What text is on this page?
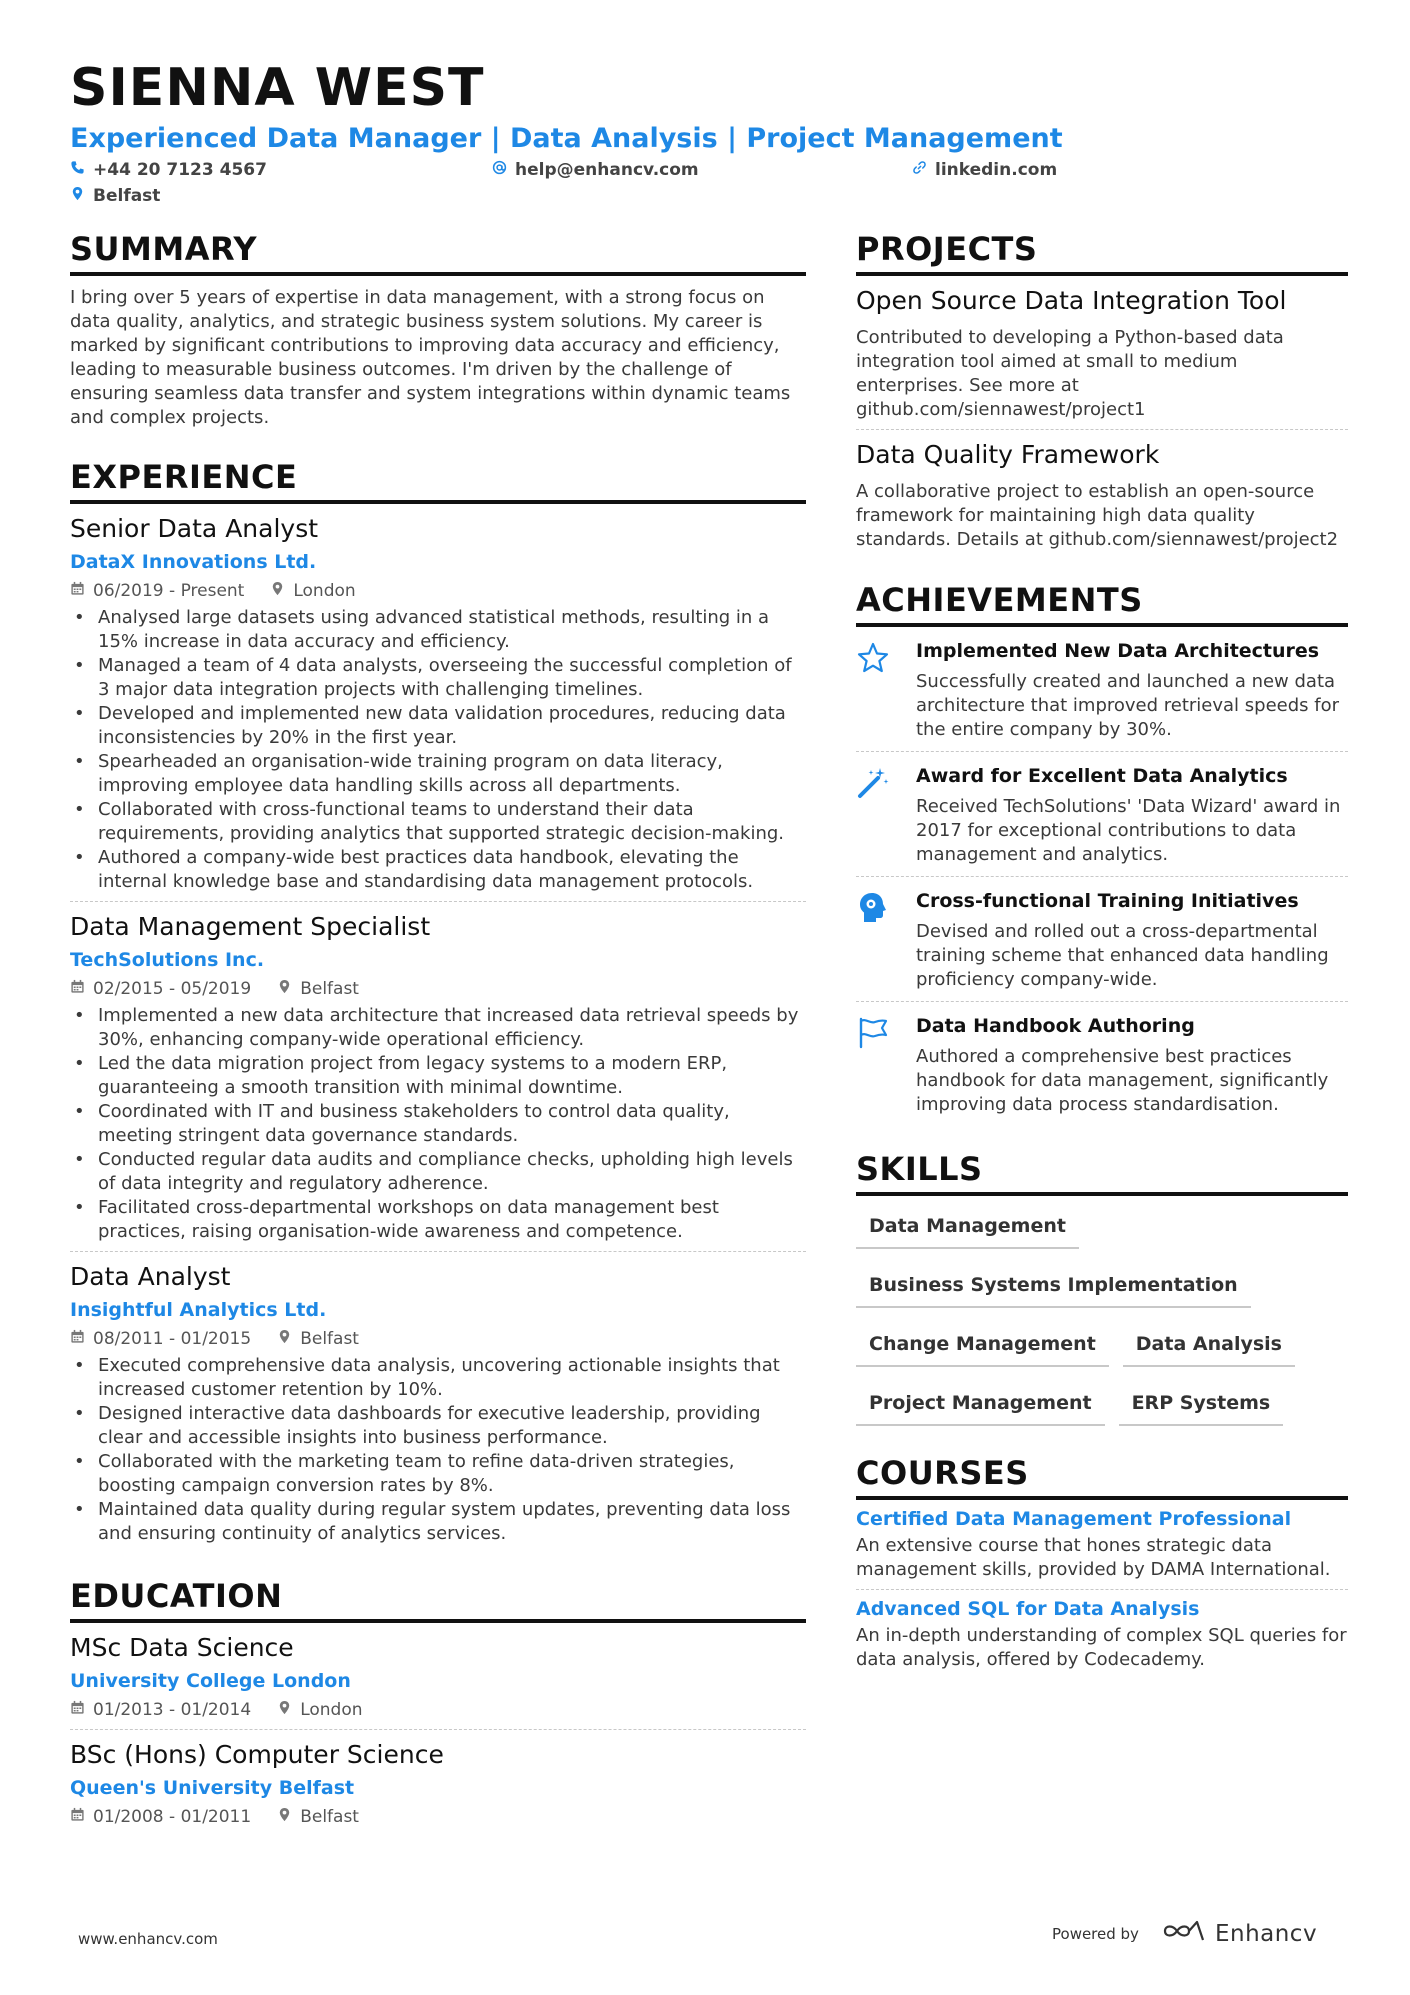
SIENNA WEST
Experienced Data Manager | Data Analysis | Project Management
+44 20 7123 4567	help@enhancv.com	linkedin.com
Belfast
SUMMARY
I bring over 5 years of expertise in data management, with a strong focus on data quality, analytics, and strategic business system solutions. My career is marked by significant contributions to improving data accuracy and efficiency, leading to measurable business outcomes. I'm driven by the challenge of ensuring seamless data transfer and system integrations within dynamic teams and complex projects.
EXPERIENCE
Senior Data Analyst
DataX Innovations Ltd.
06/2019 - Present	London
• Analysed large datasets using advanced statistical methods, resulting in a 15% increase in data accuracy and efficiency.
• Managed a team of 4 data analysts, overseeing the successful completion of 3 major data integration projects with challenging timelines.
• Developed and implemented new data validation procedures, reducing data inconsistencies by 20% in the first year.
• Spearheaded an organisation-wide training program on data literacy, improving employee data handling skills across all departments.
• Collaborated with cross-functional teams to understand their data requirements, providing analytics that supported strategic decision-making.
• Authored a company-wide best practices data handbook, elevating the internal knowledge base and standardising data management protocols.
Data Management Specialist
TechSolutions Inc.
02/2015 - 05/2019	Belfast
• Implemented a new data architecture that increased data retrieval speeds by 30%, enhancing company-wide operational efficiency.
• Led the data migration project from legacy systems to a modern ERP, guaranteeing a smooth transition with minimal downtime.
• Coordinated with IT and business stakeholders to control data quality, meeting stringent data governance standards.
• Conducted regular data audits and compliance checks, upholding high levels of data integrity and regulatory adherence.
• Facilitated cross-departmental workshops on data management best practices, raising organisation-wide awareness and competence.
Data Analyst
Insightful Analytics Ltd.
08/2011 - 01/2015	Belfast
• Executed comprehensive data analysis, uncovering actionable insights that increased customer retention by 10%.
• Designed interactive data dashboards for executive leadership, providing clear and accessible insights into business performance.
• Collaborated with the marketing team to refine data-driven strategies, boosting campaign conversion rates by 8%.
• Maintained data quality during regular system updates, preventing data loss and ensuring continuity of analytics services.
EDUCATION
MSc Data Science
University College London
01/2013 - 01/2014	London
BSc (Hons) Computer Science
Queen's University Belfast
01/2008 - 01/2011	Belfast
PROJECTS
Open Source Data Integration Tool
Contributed to developing a Python-based data integration tool aimed at small to medium enterprises. See more at github.com/siennawest/project1
Data Quality Framework
A collaborative project to establish an open-source framework for maintaining high data quality standards. Details at github.com/siennawest/project2
ACHIEVEMENTS
Implemented New Data Architectures
Successfully created and launched a new data architecture that improved retrieval speeds for the entire company by 30%.
Award for Excellent Data Analytics
Received TechSolutions' 'Data Wizard' award in 2017 for exceptional contributions to data management and analytics.
Cross-functional Training Initiatives
Devised and rolled out a cross-departmental training scheme that enhanced data handling proficiency company-wide.
Data Handbook Authoring
Authored a comprehensive best practices handbook for data management, significantly improving data process standardisation.
SKILLS
Data Management
Business Systems Implementation
Change Management	Data Analysis
Project Management	ERP Systems
COURSES
Certified Data Management Professional
An extensive course that hones strategic data management skills, provided by DAMA International.
Advanced SQL for Data Analysis
An in-depth understanding of complex SQL queries for data analysis, offered by Codecademy.
www.enhancv.com	Powered by	Enhancv
